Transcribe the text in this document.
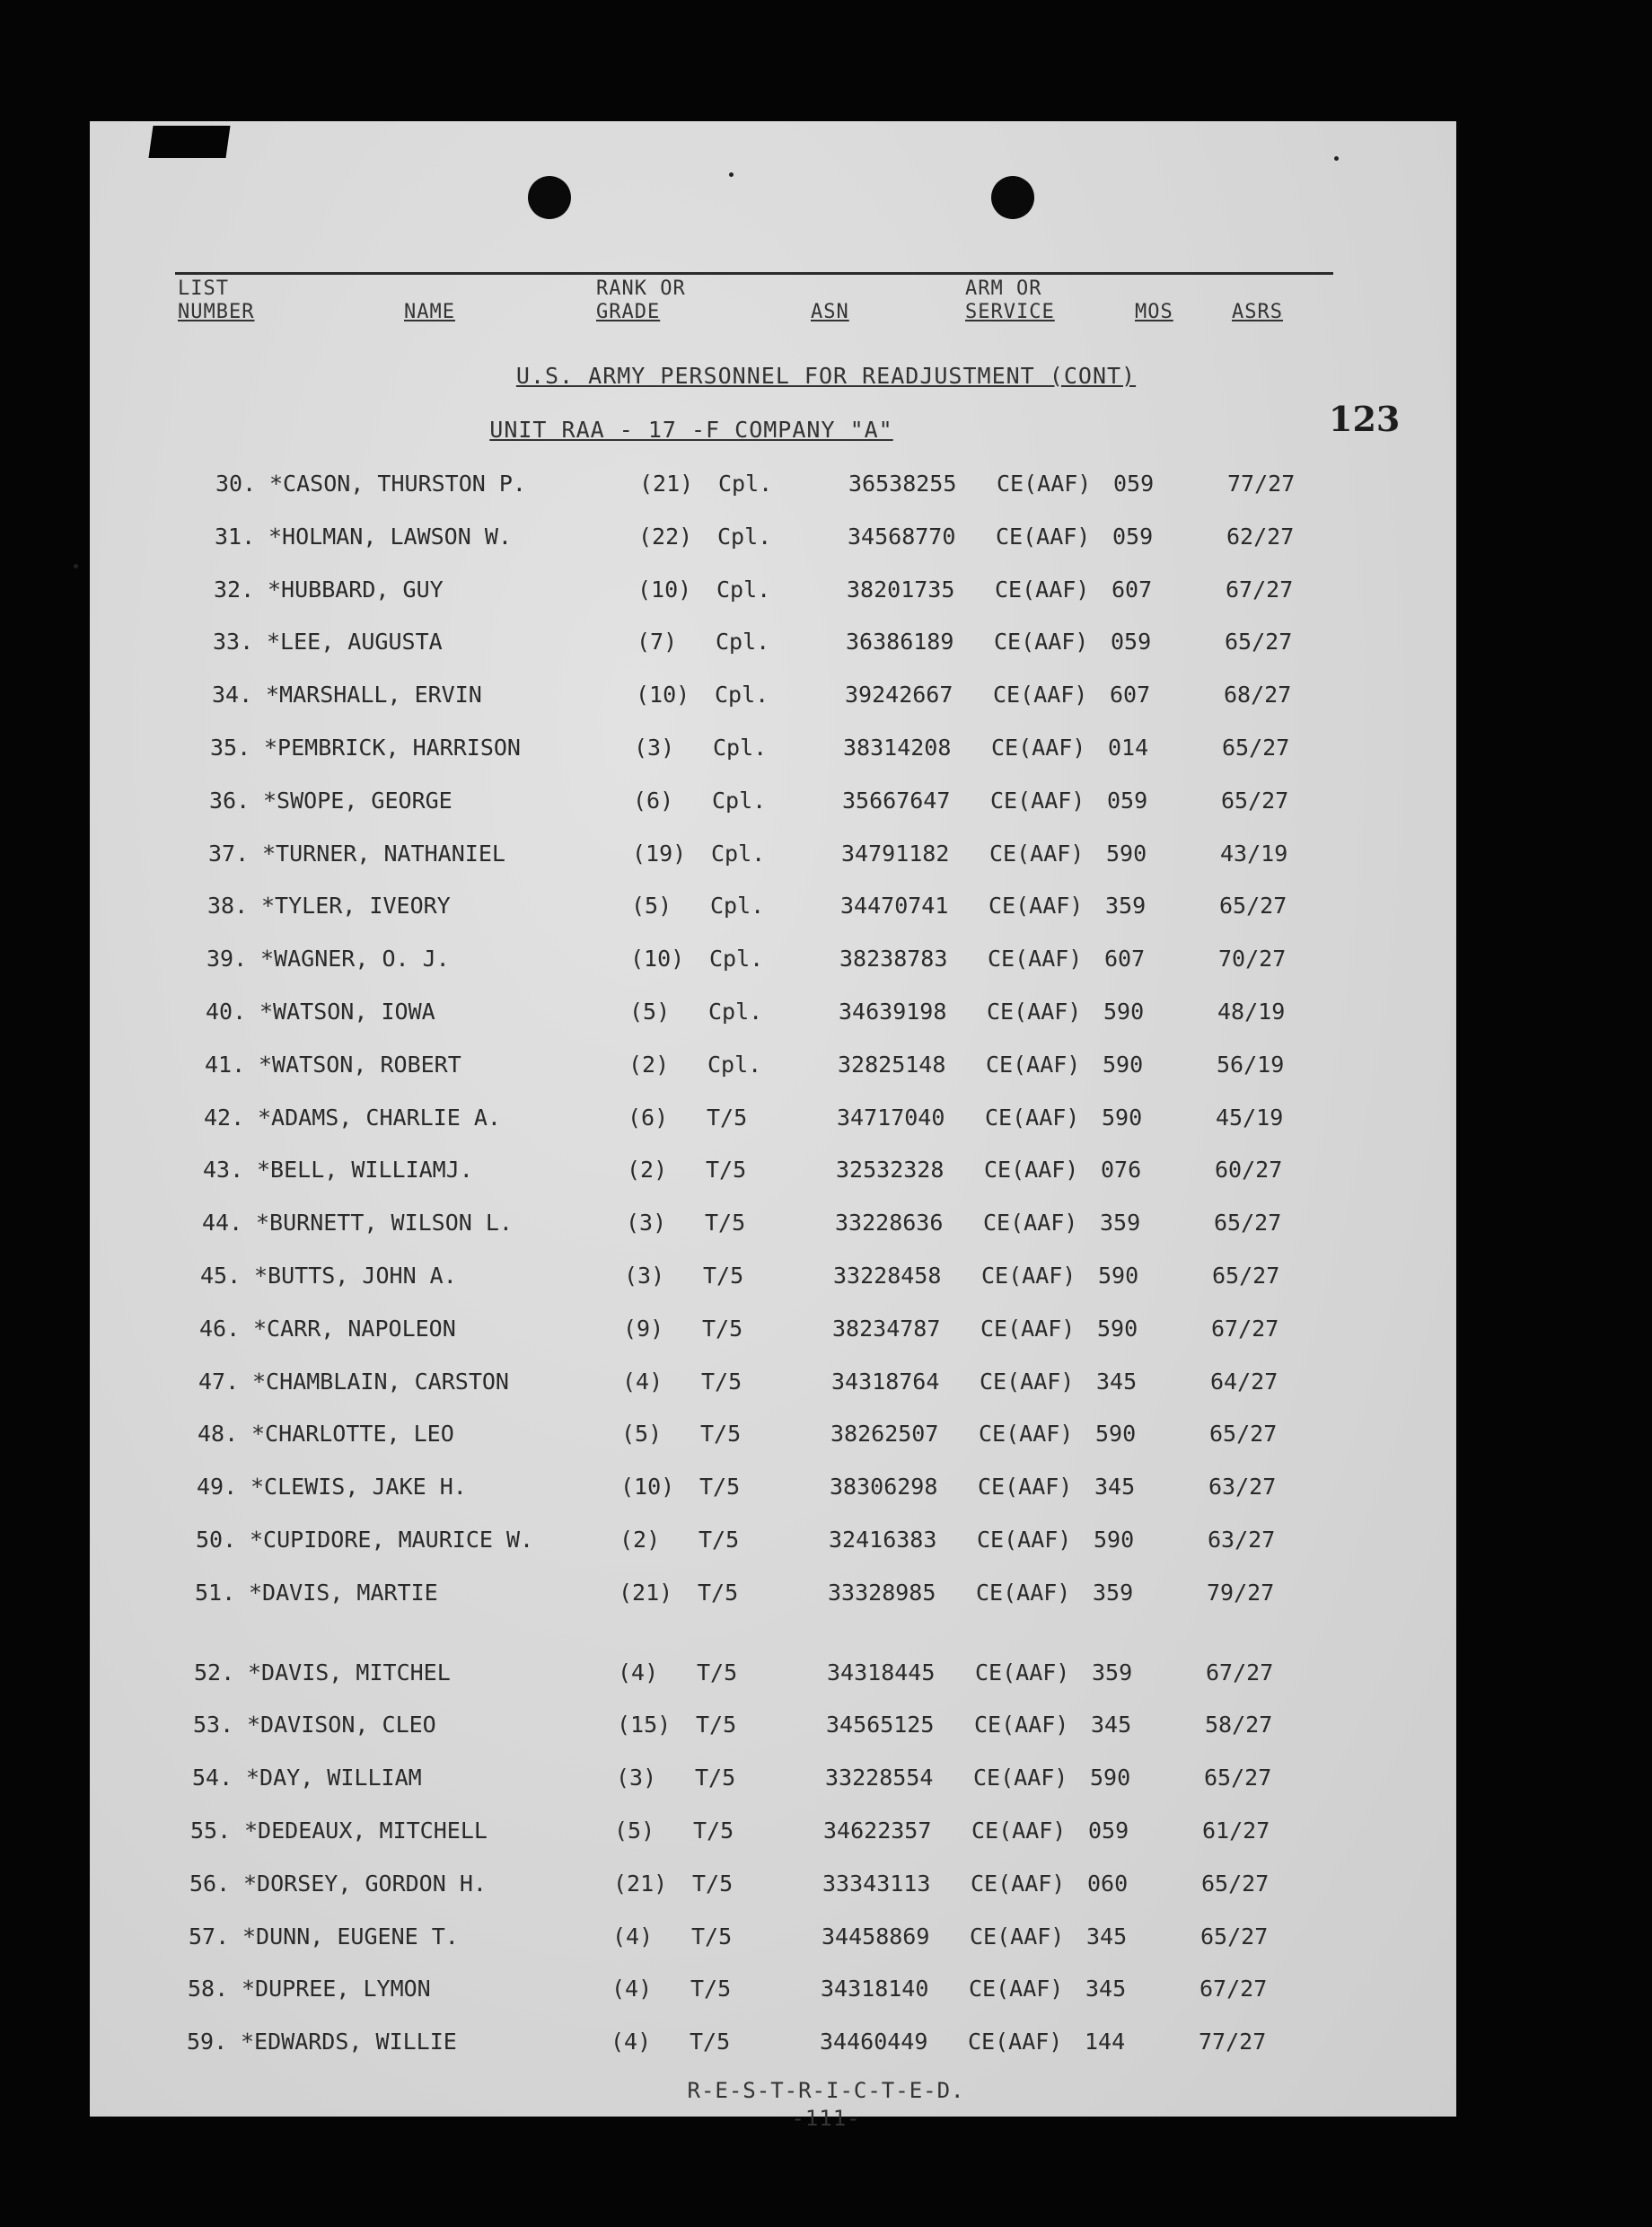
LIST
NUMBER	NAME
RANK OR
GRADE	ASN
ARM OR
SERVICE	MOS	ASRS
U.S. ARMY PERSONNEL FOR READJUSTMENT (CONT)
UNIT RAA - 17 -F COMPANY "A"	123
30. *CASON, THURSTON P.	(21) Cpl.	36538255 CE(AAF) 059	77/27
31. *HOLMAN, LAWSON W.	(22) Cpl.	34568770 CE(AAF) 059	62/27
32. *HUBBARD, GUY	(10) Cpl.	38201735 CE(AAF) 607	67/27
33. *LEE, AUGUSTA	(7) Cpl.	36386189 CE(AAF) 059	65/27
34. *MARSHALL, ERVIN	(10) Cpl.	39242667 CE(AAF) 607	68/27
35. *PEMBRICK, HARRISON	(3) Cpl.	38314208 CE(AAF) 014	65/27
36. *SWOPE, GEORGE	(6) Cpl.	35667647 CE(AAF) 059	65/27
37. *TURNER, NATHANIEL	(19) Cpl.	34791182 CE(AAF) 590	43/19
38. *TYLER, IVEORY	(5) Cpl.	34470741 CE(AAF) 359	65/27
39. *WAGNER, O. J.	(10) Cpl.	38238783 CE(AAF) 607	70/27
40. *WATSON, IOWA	(5) Cpl.	34639198 CE(AAF) 590	48/19
41. *WATSON, ROBERT	(2) Cpl.	32825148 CE(AAF) 590	56/19
42. *ADAMS, CHARLIE A.	(6) T/5	34717040 CE(AAF) 590	45/19
43. *BELL, WILLIAMJ.	(2) T/5	32532328 CE(AAF) 076	60/27
44. *BURNETT, WILSON L.	(3) T/5	33228636 CE(AAF) 359	65/27
45. *BUTTS, JOHN A.	(3) T/5	33228458 CE(AAF) 590	65/27
46. *CARR, NAPOLEON	(9) T/5	38234787 CE(AAF) 590	67/27
47. *CHAMBLAIN, CARSTON	(4) T/5	34318764 CE(AAF) 345	64/27
48. *CHARLOTTE, LEO	(5) T/5	38262507 CE(AAF) 590	65/27
49. *CLEWIS, JAKE H.	(10) T/5	38306298 CE(AAF) 345	63/27
50. *CUPIDORE, MAURICE W.	(2) T/5	32416383 CE(AAF) 590	63/27
51. *DAVIS, MARTIE	(21) T/5	33328985 CE(AAF) 359	79/27
52. *DAVIS, MITCHEL	(4) T/5	34318445 CE(AAF) 359	67/27
53. *DAVISON, CLEO	(15) T/5	34565125 CE(AAF) 345	58/27
54. *DAY, WILLIAM	(3) T/5	33228554 CE(AAF) 590	65/27
55. *DEDEAUX, MITCHELL	(5) T/5	34622357 CE(AAF) 059	61/27
56. *DORSEY, GORDON H.	(21) T/5	33343113 CE(AAF) 060	65/27
57. *DUNN, EUGENE T.	(4) T/5	34458869 CE(AAF) 345	65/27
58. *DUPREE, LYMON	(4) T/5	34318140 CE(AAF) 345	67/27
59. *EDWARDS, WILLIE	(4) T/5	34460449 CE(AAF) 144	77/27
R-E-S-T-R-I-C-T-E-D.
-111-
